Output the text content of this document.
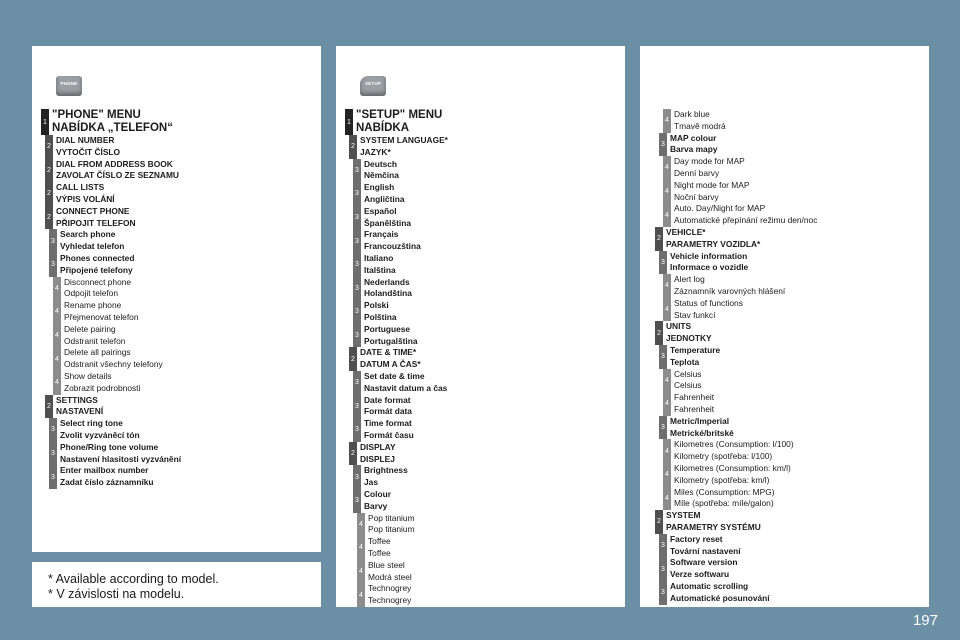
PHONE	SETUP
* Available according to model.
* V závislosti na modelu.
197
1
"PHONE" MENU
NABÍDKA „TELEFON“
2
DIAL NUMBER
VYTOČIT ČÍSLO
2
DIAL FROM ADDRESS BOOK
ZAVOLAT ČÍSLO ZE SEZNAMU
2
CALL LISTS
VÝPIS VOLÁNÍ
2
CONNECT PHONE
PŘIPOJIT TELEFON
3
Search phone
Vyhledat telefon
3
Phones connected
Připojené telefony
4
Disconnect phone
Odpojit telefon
4
Rename phone
Přejmenovat telefon
4
Delete pairing
Odstranit telefon
4
Delete all pairings
Odstranit všechny telefony
4
Show details
Zobrazit podrobnosti
2
SETTINGS
NASTAVENÍ
3
Select ring tone
Zvolit vyzváněcí tón
3
Phone/Ring tone volume
Nastavení hlasitosti vyzvánění
3
Enter mailbox number
Zadat číslo záznamníku
1
"SETUP" MENU
NABÍDKA
2
SYSTEM LANGUAGE*
JAZYK*
3
Deutsch
Němčina
3
English
Angličtina
3
Español
Španělština
3
Français
Francouzština
3
Italiano
Italština
3
Nederlands
Holandština
3
Polski
Polština
3
Portuguese
Portugalština
2
DATE & TIME*
DATUM A ČAS*
3
Set date & time
Nastavit datum a čas
3
Date format
Formát data
3
Time format
Formát času
2
DISPLAY
DISPLEJ
3
Brightness
Jas
3
Colour
Barvy
4
Pop titanium
Pop titanium
4
Toffee
Toffee
4
Blue steel
Modrá steel
4
Technogrey
Technogrey
4
Dark blue
Tmavě modrá
3
MAP colour
Barva mapy
4
Day mode for MAP
Denní barvy
4
Night mode for MAP
Noční barvy
4
Auto. Day/Night for MAP
Automatické přepínání režimu den/noc
2
VEHICLE*
PARAMETRY VOZIDLA*
3
Vehicle information
Informace o vozidle
4
Alert log
Záznamník varovných hlášení
4
Status of functions
Stav funkcí
2
UNITS
JEDNOTKY
3
Temperature
Teplota
4
Celsius
Celsius
4
Fahrenheit
Fahrenheit
3
Metric/Imperial
Metrické/britské
4
Kilometres (Consumption: l/100)
Kilometry (spotřeba: l/100)
4
Kilometres (Consumption: km/l)
Kilometry (spotřeba: km/l)
4
Miles (Consumption: MPG)
Míle (spotřeba: míle/galon)
2
SYSTEM
PARAMETRY SYSTÉMU
3
Factory reset
Tovární nastavení
3
Software version
Verze softwaru
3
Automatic scrolling
Automatické posunování
